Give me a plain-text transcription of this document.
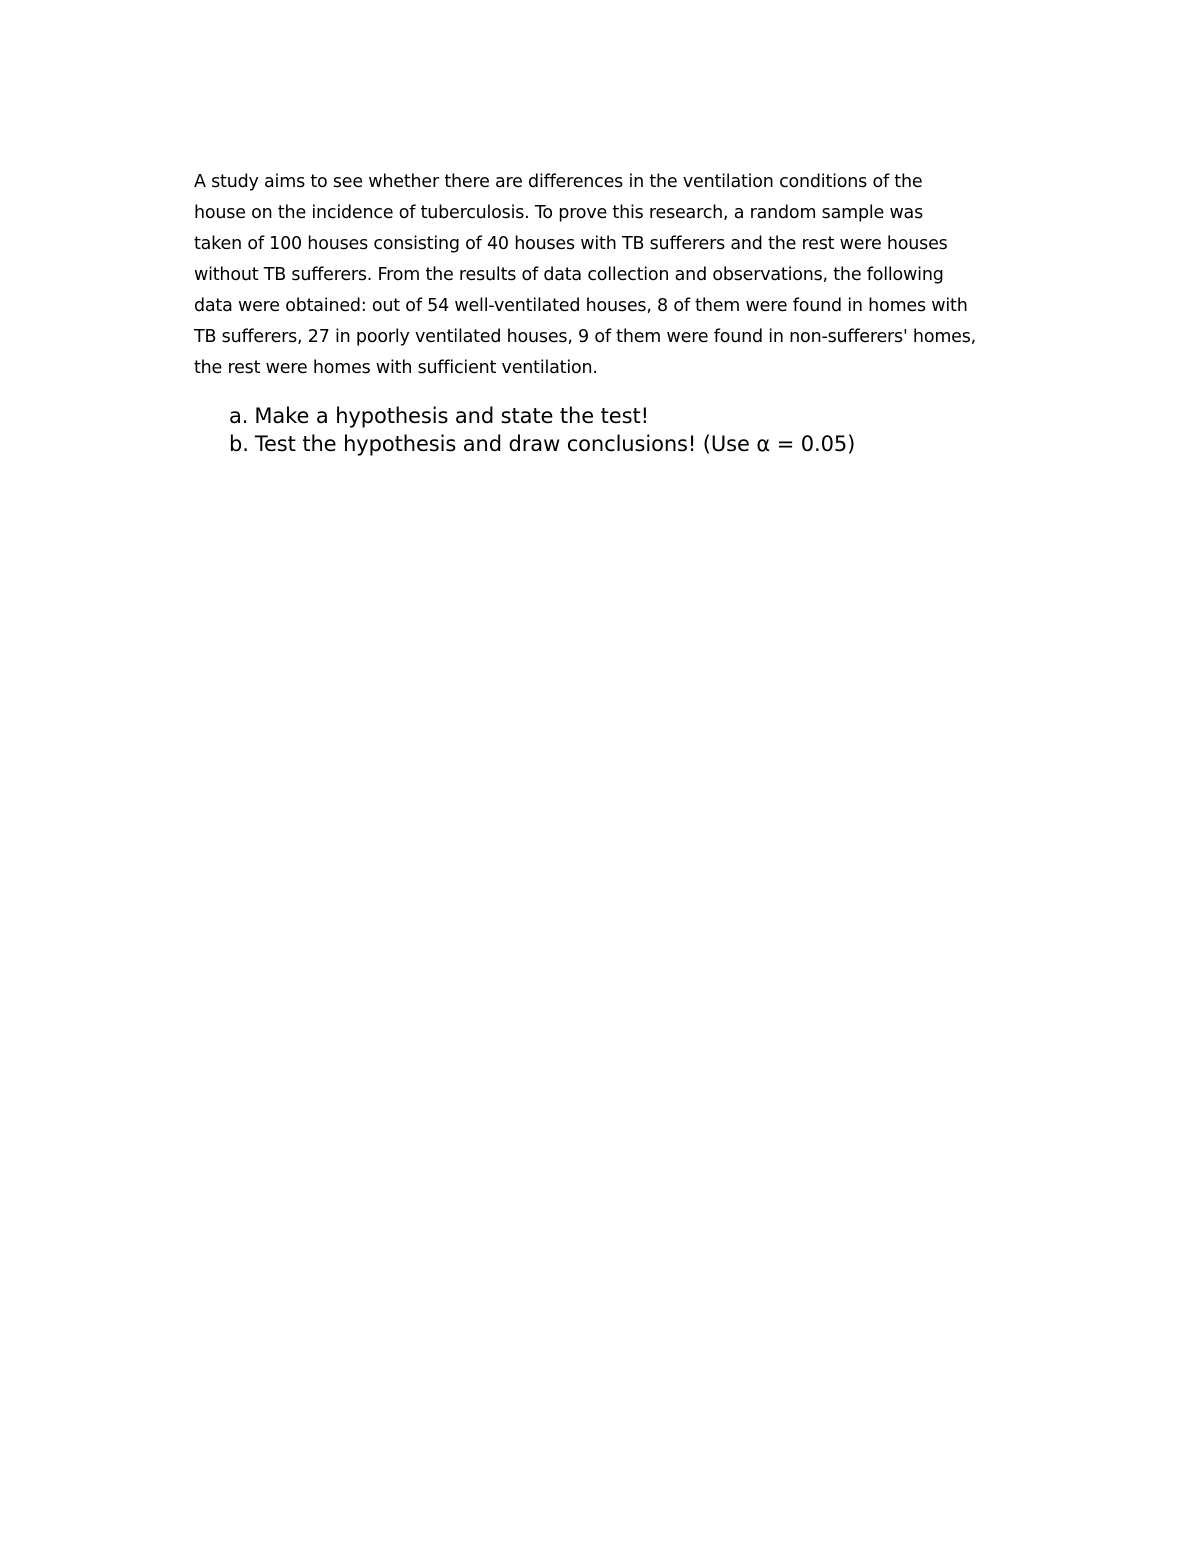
A study aims to see whether there are differences in the ventilation conditions of the
house on the incidence of tuberculosis. To prove this research, a random sample was
taken of 100 houses consisting of 40 houses with TB sufferers and the rest were houses
without TB sufferers. From the results of data collection and observations, the following
data were obtained: out of 54 well-ventilated houses, 8 of them were found in homes with
TB sufferers, 27 in poorly ventilated houses, 9 of them were found in non-sufferers' homes,
the rest were homes with sufficient ventilation.

a. Make a hypothesis and state the test!
b. Test the hypothesis and draw conclusions! (Use α = 0.05)
